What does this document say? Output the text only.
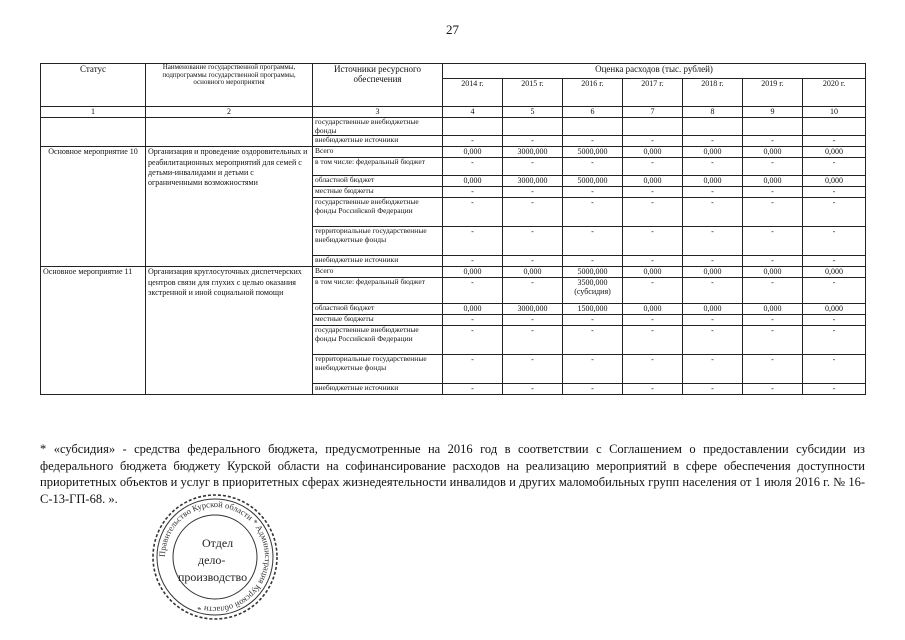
27
Статус	Наименование государственной программы, подпрограммы государственной программы, основного мероприятия	Источники ресурсного обеспечения	Оценка расходов (тыс. рублей)						
			2014 г.	2015 г.	2016 г.	2017 г.	2018 г.	2019 г.	2020 г.
1	2	3	4	5	6	7	8	9	10
		государственные внебюджетные фонды							
		внебюджетные источники	-	-	-	-	-	-	-
Основное мероприятие 10	Организация и проведение оздоровительных и реабилитационных мероприятий для семей с детьми-инвалидами и детьми с ограниченными возможностями	Всего	0,000	3000,000	5000,000	0,000	0,000	0,000	0,000
		в том числе: федеральный бюджет	-	-	-	-	-	-	-
		областной бюджет	0,000	3000,000	5000,000	0,000	0,000	0,000	0,000
		местные бюджеты	-	-	-	-	-	-	-
		государственные внебюджетные фонды Российской Федерации	-	-	-	-	-	-	-
		территориальные государственные внебюджетные фонды	-	-	-	-	-	-	-
		внебюджетные источники	-	-	-	-	-	-	-
Основное мероприятие 11	Организация круглосуточных диспетчерских центров связи для глухих с целью оказания экстренной и иной социальной помощи	Всего	0,000	0,000	5000,000	0,000	0,000	0,000	0,000
		в том числе: федеральный бюджет	-	-	3500,000 (субсидия)	-	-	-	-
		областной бюджет	0,000	3000,000	1500,000	0,000	0,000	0,000	0,000
		местные бюджеты	-	-	-	-	-	-	-
		государственные внебюджетные фонды Российской Федерации	-	-	-	-	-	-	-
		территориальные государственные внебюджетные фонды	-	-	-	-	-	-	-
		внебюджетные источники	-	-	-	-	-	-	-
* «субсидия» - средства федерального бюджета, предусмотренные на 2016 год в соответствии с Соглашением о предоставлении субсидии из федерального бюджета бюджету Курской области на софинансирование расходов на реализацию мероприятий в сфере обеспечения доступности приоритетных объектов и услуг в приоритетных сферах жизнедеятельности инвалидов и других маломобильных групп населения от 1 июля 2016 г. № 16-С-13-ГП-68. ».
Правительство Курской области * Администрация Курской области *
Отдел
дело-
производство
